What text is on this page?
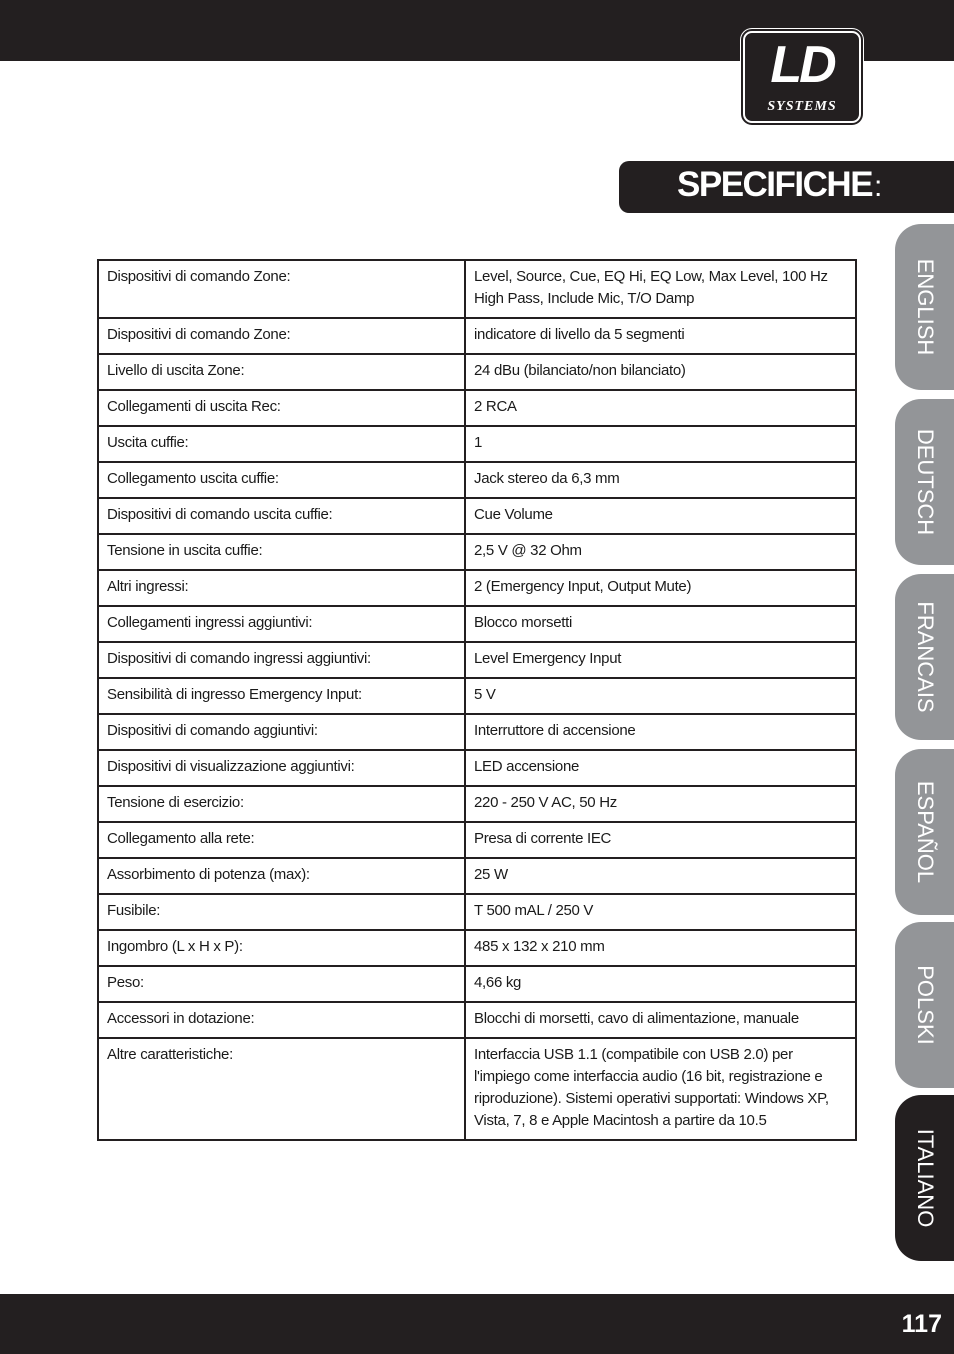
LD
SYSTEMS
SPECIFICHE:
Dispositivi di comando Zone:	Level, Source, Cue, EQ Hi, EQ Low, Max Level, 100 Hz High Pass, Include Mic, T/O Damp
Dispositivi di comando Zone:	indicatore di livello da 5 segmenti
Livello di uscita Zone:	24 dBu (bilanciato/non bilanciato)
Collegamenti di uscita Rec:	2 RCA
Uscita cuffie:	1
Collegamento uscita cuffie:	Jack stereo da 6,3 mm
Dispositivi di comando uscita cuffie:	Cue Volume
Tensione in uscita cuffie:	2,5 V @ 32 Ohm
Altri ingressi:	2 (Emergency Input, Output Mute)
Collegamenti ingressi aggiuntivi:	Blocco morsetti
Dispositivi di comando ingressi aggiuntivi:	Level Emergency Input
Sensibilità di ingresso Emergency Input:	5 V
Dispositivi di comando aggiuntivi:	Interruttore di accensione
Dispositivi di visualizzazione aggiuntivi:	LED accensione
Tensione di esercizio:	220 - 250 V AC, 50 Hz
Collegamento alla rete:	Presa di corrente IEC
Assorbimento di potenza (max):	25 W
Fusibile:	T 500 mAL / 250 V
Ingombro (L x H x P):	485 x 132 x 210 mm
Peso:	4,66 kg
Accessori in dotazione:	Blocchi di morsetti, cavo di alimentazione, manuale
Altre caratteristiche:	Interfaccia USB 1.1 (compatibile con USB 2.0) per l'impiego come interfaccia audio (16 bit, registrazione e riproduzione). Sistemi operativi supportati: Windows XP, Vista, 7, 8 e Apple Macintosh a partire da 10.5
ENGLISH
DEUTSCH
FRANCAIS
ESPAÑOL
POLSKI
ITALIANO
117
